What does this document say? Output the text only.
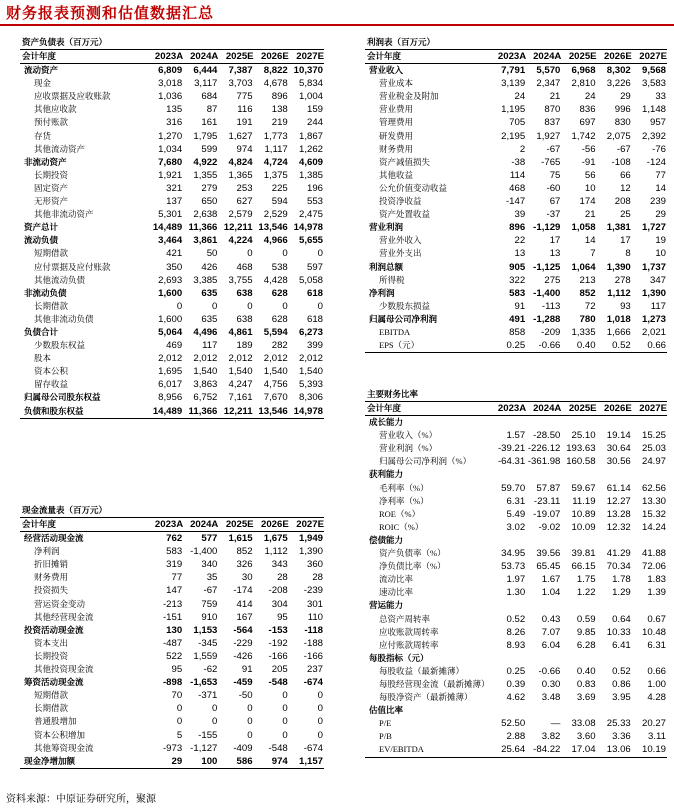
财务报表预测和估值数据汇总
资产负债表（百万元）
会计年度	2023A	2024A	2025E	2026E	2027E
流动资产	6,809	6,444	7,387	8,822	10,370
现金	3,018	3,117	3,703	4,678	5,834
应收票据及应收账款	1,036	684	775	896	1,004
其他应收款	135	87	116	138	159
预付账款	316	161	191	219	244
存货	1,270	1,795	1,627	1,773	1,867
其他流动资产	1,034	599	974	1,117	1,262
非流动资产	7,680	4,922	4,824	4,724	4,609
长期投资	1,921	1,355	1,365	1,375	1,385
固定资产	321	279	253	225	196
无形资产	137	650	627	594	553
其他非流动资产	5,301	2,638	2,579	2,529	2,475
资产总计	14,489	11,366	12,211	13,546	14,978
流动负债	3,464	3,861	4,224	4,966	5,655
短期借款	421	50	0	0	0
应付票据及应付账款	350	426	468	538	597
其他流动负债	2,693	3,385	3,755	4,428	5,058
非流动负债	1,600	635	638	628	618
长期借款	0	0	0	0	0
其他非流动负债	1,600	635	638	628	618
负债合计	5,064	4,496	4,861	5,594	6,273
少数股东权益	469	117	189	282	399
股本	2,012	2,012	2,012	2,012	2,012
资本公积	1,695	1,540	1,540	1,540	1,540
留存收益	6,017	3,863	4,247	4,756	5,393
归属母公司股东权益	8,956	6,752	7,161	7,670	8,306
负债和股东权益	14,489	11,366	12,211	13,546	14,978
利润表（百万元）
会计年度	2023A	2024A	2025E	2026E	2027E
营业收入	7,791	5,570	6,968	8,302	9,568
营业成本	3,139	2,347	2,810	3,226	3,583
营业税金及附加	24	21	24	29	33
营业费用	1,195	870	836	996	1,148
管理费用	705	837	697	830	957
研发费用	2,195	1,927	1,742	2,075	2,392
财务费用	2	-67	-56	-67	-76
资产减值损失	-38	-765	-91	-108	-124
其他收益	114	75	56	66	77
公允价值变动收益	468	-60	10	12	14
投资净收益	-147	67	174	208	239
资产处置收益	39	-37	21	25	29
营业利润	896	-1,129	1,058	1,381	1,727
营业外收入	22	17	14	17	19
营业外支出	13	13	7	8	10
利润总额	905	-1,125	1,064	1,390	1,737
所得税	322	275	213	278	347
净利润	583	-1,400	852	1,112	1,390
少数股东损益	91	-113	72	93	117
归属母公司净利润	491	-1,288	780	1,018	1,273
EBITDA	858	-209	1,335	1,666	2,021
EPS（元）	0.25	-0.66	0.40	0.52	0.66
主要财务比率
会计年度	2023A	2024A	2025E	2026E	2027E
成长能力					
营业收入（%）	1.57	-28.50	25.10	19.14	15.25
营业利润（%）	-39.21	-226.12	193.63	30.64	25.03
归属母公司净利润（%）	-64.31	-361.98	160.58	30.56	24.97
获利能力					
毛利率（%）	59.70	57.87	59.67	61.14	62.56
净利率（%）	6.31	-23.11	11.19	12.27	13.30
ROE（%）	5.49	-19.07	10.89	13.28	15.32
ROIC（%）	3.02	-9.02	10.09	12.32	14.24
偿债能力					
资产负债率（%）	34.95	39.56	39.81	41.29	41.88
净负债比率（%）	53.73	65.45	66.15	70.34	72.06
流动比率	1.97	1.67	1.75	1.78	1.83
速动比率	1.30	1.04	1.22	1.29	1.39
营运能力					
总资产周转率	0.52	0.43	0.59	0.64	0.67
应收账款周转率	8.26	7.07	9.85	10.33	10.48
应付账款周转率	8.93	6.04	6.28	6.41	6.31
每股指标（元）					
每股收益（最新摊薄）	0.25	-0.66	0.40	0.52	0.66
每股经营现金流（最新摊薄）	0.39	0.30	0.83	0.86	1.00
每股净资产（最新摊薄）	4.62	3.48	3.69	3.95	4.28
估值比率					
P/E	52.50	—	33.08	25.33	20.27
P/B	2.88	3.82	3.60	3.36	3.11
EV/EBITDA	25.64	-84.22	17.04	13.06	10.19
现金流量表（百万元）
会计年度	2023A	2024A	2025E	2026E	2027E
经营活动现金流	762	577	1,615	1,675	1,949
净利润	583	-1,400	852	1,112	1,390
折旧摊销	319	340	326	343	360
财务费用	77	35	30	28	28
投资损失	147	-67	-174	-208	-239
营运资金变动	-213	759	414	304	301
其他经营现金流	-151	910	167	95	110
投资活动现金流	130	1,153	-564	-153	-118
资本支出	-487	-345	-229	-192	-188
长期投资	522	1,559	-426	-166	-166
其他投资现金流	95	-62	91	205	237
筹资活动现金流	-898	-1,653	-459	-548	-674
短期借款	70	-371	-50	0	0
长期借款	0	0	0	0	0
普通股增加	0	0	0	0	0
资本公积增加	5	-155	0	0	0
其他筹资现金流	-973	-1,127	-409	-548	-674
现金净增加额	29	100	586	974	1,157
资料来源：中原证券研究所，聚源
